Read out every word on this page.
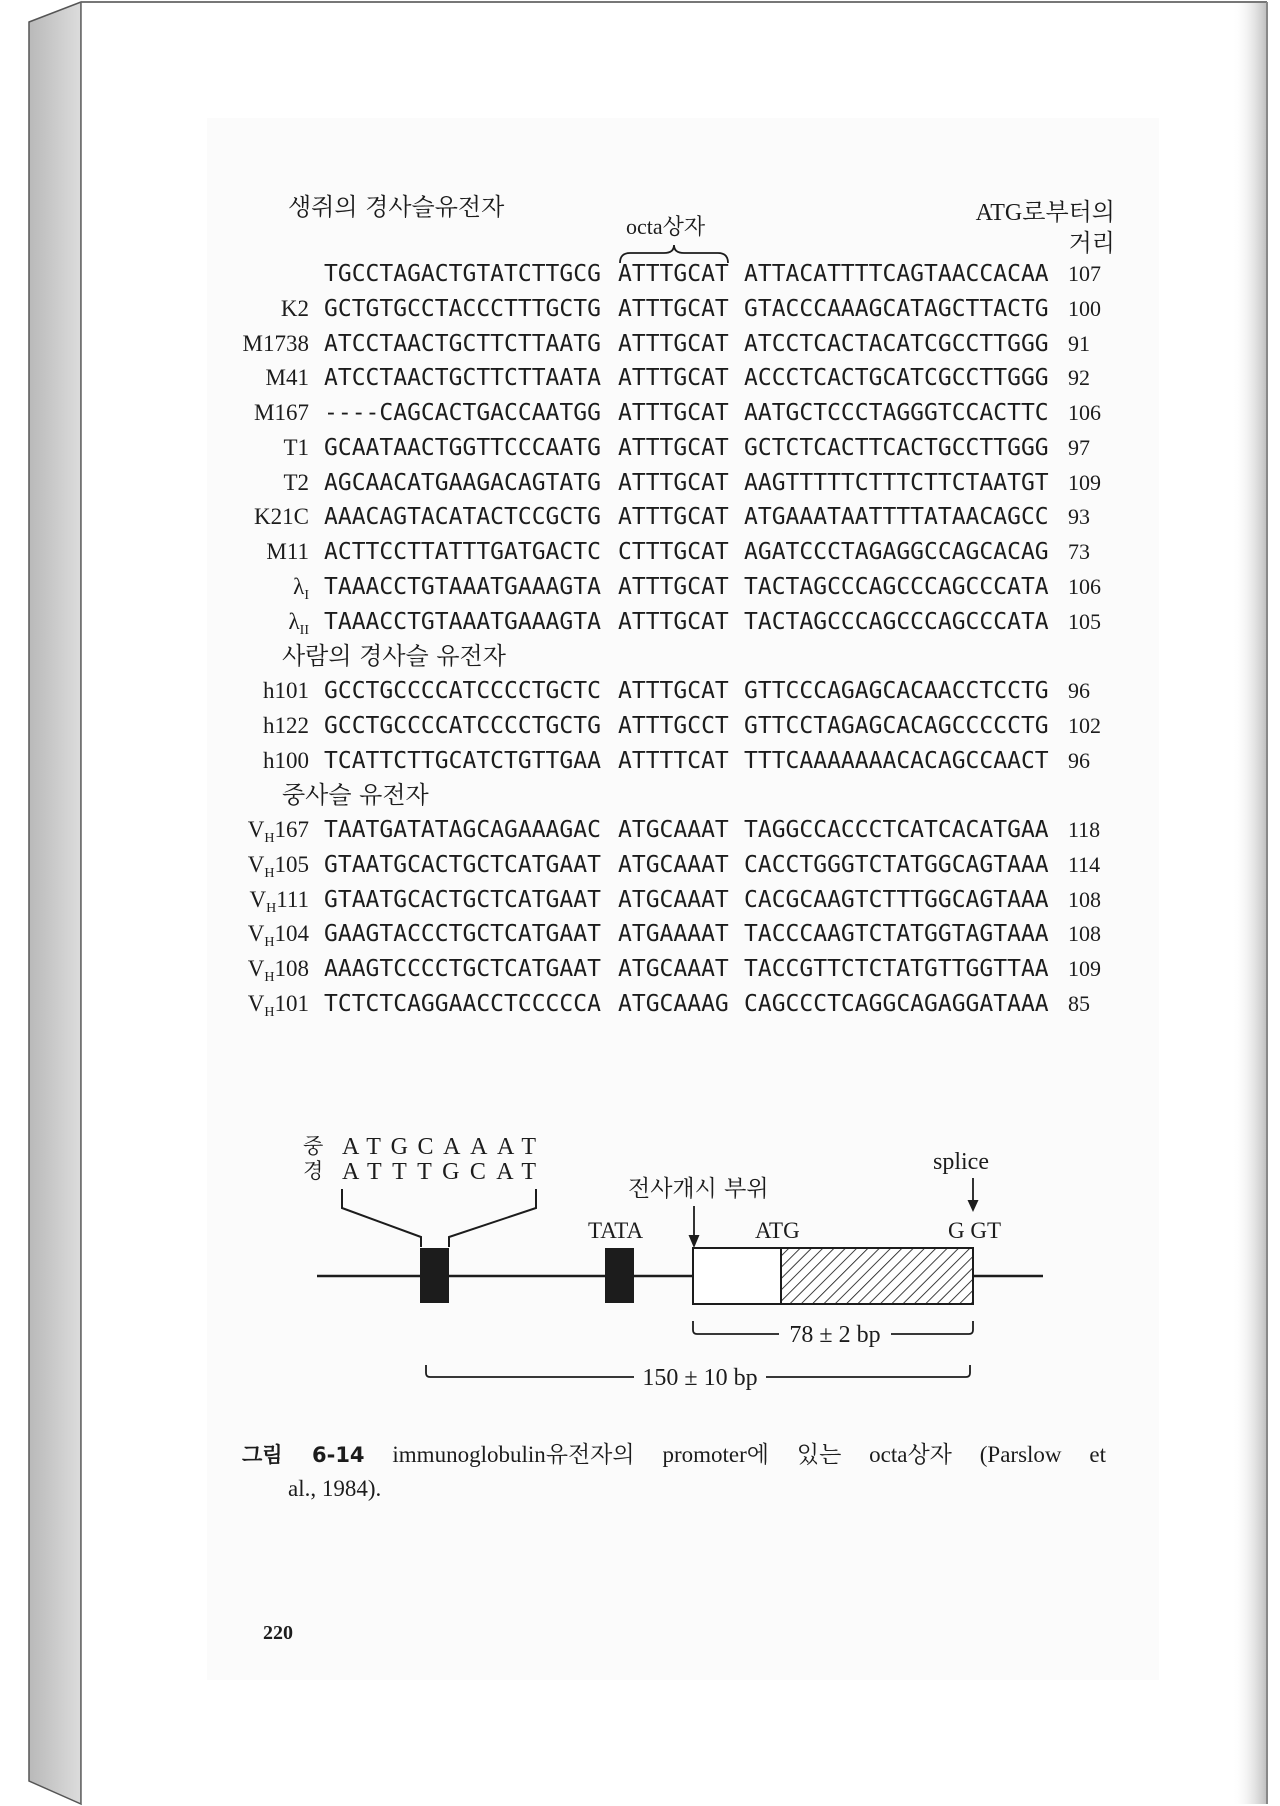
생쥐의 경사슬유전자
octa상자
ATG로부터의
거리
TGCCTAGACTGTATCTTGCG ATTTGCAT ATTACATTTTCAGTAACCACAA 107
K2 GCTGTGCCTACCCTTTGCTG ATTTGCAT GTACCCAAAGCATAGCTTACTG 100
M1738 ATCCTAACTGCTTCTTAATG ATTTGCAT ATCCTCACTACATCGCCTTGGG 91
M41 ATCCTAACTGCTTCTTAATA ATTTGCAT ACCCTCACTGCATCGCCTTGGG 92
M167 ----CAGCACTGACCAATGG ATTTGCAT AATGCTCCCTAGGGTCCACTTC 106
T1 GCAATAACTGGTTCCCAATG ATTTGCAT GCTCTCACTTCACTGCCTTGGG 97
T2 AGCAACATGAAGACAGTATG ATTTGCAT AAGTTTTTCTTTCTTCTAATGT 109
K21C AAACAGTACATACTCCGCTG ATTTGCAT ATGAAATAATTTTATAACAGCC 93
M11 ACTTCCTTATTTGATGACTC CTTTGCAT AGATCCCTAGAGGCCAGCACAG 73
$\lambda_I$ TAAACCTGTAAATGAAAGTA ATTTGCAT TACTAGCCCAGCCCAGCCCATA 106
$\lambda_{II}$ TAAACCTGTAAATGAAAGTA ATTTGCAT TACTAGCCCAGCCCAGCCCATA 105
사람의 경사슬 유전자
h101 GCCTGCCCCATCCCCTGCTC ATTTGCAT GTTCCCAGAGCACAACCTCCTG 96
h122 GCCTGCCCCATCCCCTGCTG ATTTGCCT GTTCCTAGAGCACAGCCCCCTG 102
h100 TCATTCTTGCATCTGTTGAA ATTTTCAT TTTCAAAAAAACACAGCCAACT 96
중사슬 유전자
$V_H167$ TAATGATATAGCAGAAAGAC ATGCAAAT TAGGCCACCCTCATCACATGAA 118
$V_H105$ GTAATGCACTGCTCATGAAT ATGCAAAT CACCTGGGTCTATGGCAGTAAA 114
$V_H111$ GTAATGCACTGCTCATGAAT ATGCAAAT CACGCAAGTCTTTGGCAGTAAA 108
$V_H104$ GAAGTACCCTGCTCATGAAT ATGAAAAT TACCCAAGTCTATGGTAGTAAA 108
$V_H108$ AAAGTCCCCTGCTCATGAAT ATGCAAAT TACCGTTCTCTATGTTGGTTAA 109
$V_H101$ TCTCTCAGGAACCTCCCCCA ATGCAAAG CAGCCCTCAGGCAGAGGATAAA 85
중 ATGCAAAT
경 ATTTGCAT
TATA
전사개시 부위
ATG
splice
G GT
78 ± 2 bp
150 ± 10 bp
그림 6-14 immunoglobulin유전자의 promoter에 있는 octa상자 (Parslow et
al., 1984).
220
